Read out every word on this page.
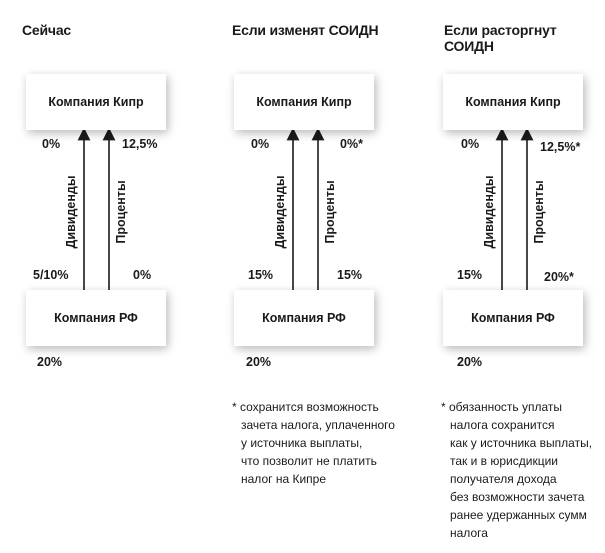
Сейчас	Если изменят СОИДН	Если расторгнут СОИДН
Компания Кипр
Компания РФ
0%	12,5%
5/10%	0%
20%
Дивиденды	Проценты
Компания Кипр
Компания РФ
0%	0%*
15%	15%
20%
Дивиденды	Проценты
* сохранится возможность
зачета налога, уплаченного
у источника выплаты,
что позволит не платить
налог на Кипре
Компания Кипр
Компания РФ
0%	12,5%*
15%	20%*
20%
Дивиденды	Проценты
* обязанность уплаты
налога сохранится
как у источника выплаты,
так и в юрисдикции
получателя дохода
без возможности зачета
ранее удержанных сумм
налога
